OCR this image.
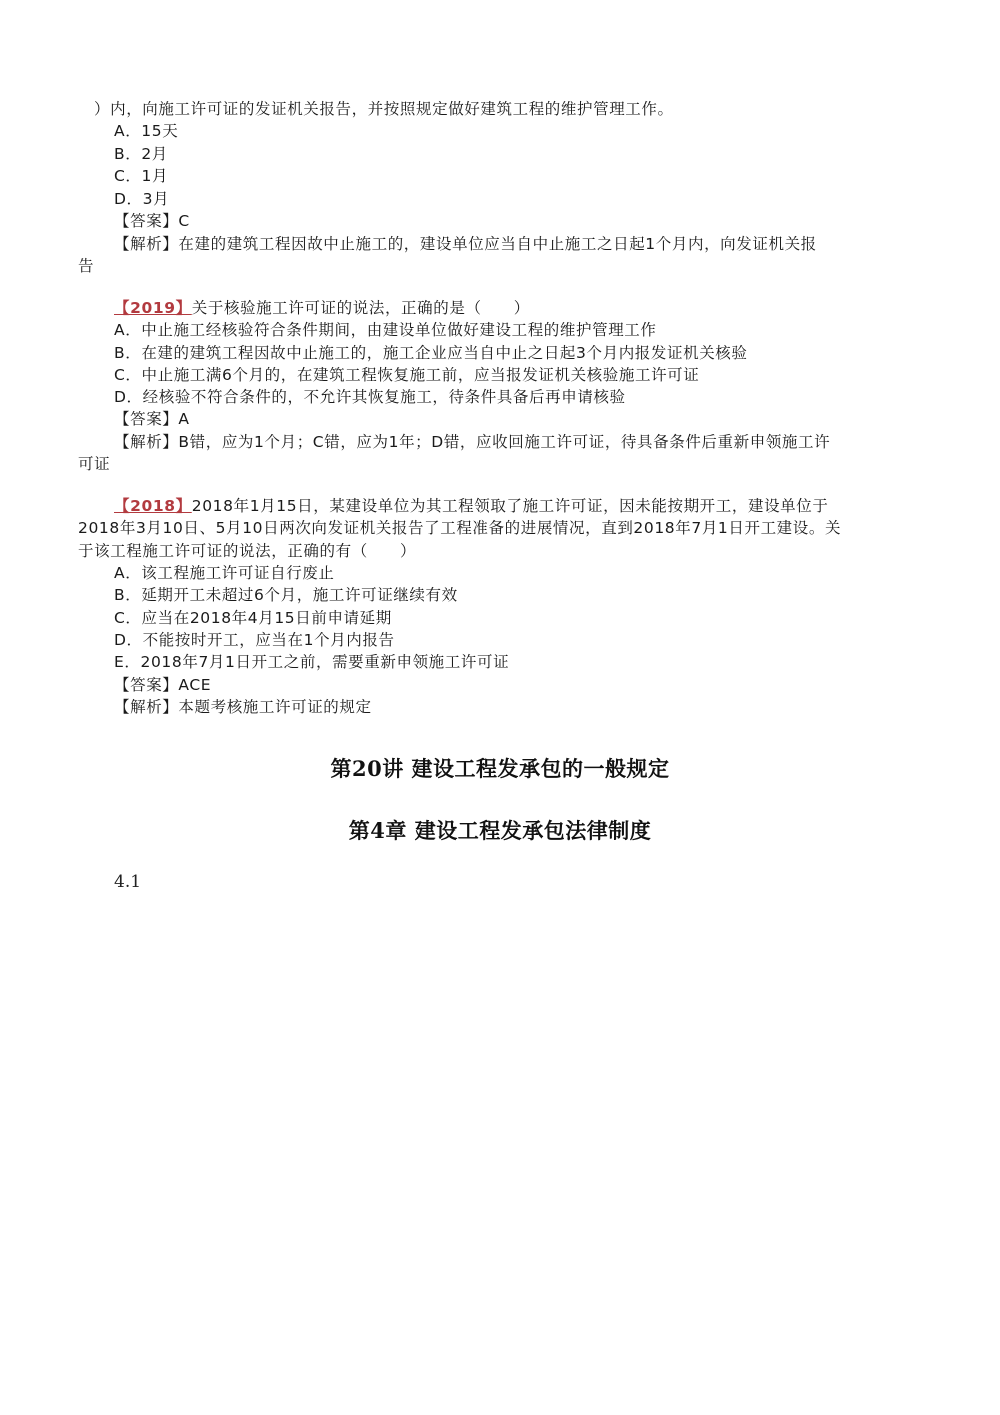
）内，向施工许可证的发证机关报告，并按照规定做好建筑工程的维护管理工作。
A．15天
B．2月
C．1月
D．3月
【答案】C
【解析】在建的建筑工程因故中止施工的，建设单位应当自中止施工之日起1个月内，向发证机关报
告
【2019】关于核验施工许可证的说法，正确的是（　　）
A．中止施工经核验符合条件期间，由建设单位做好建设工程的维护管理工作
B．在建的建筑工程因故中止施工的，施工企业应当自中止之日起3个月内报发证机关核验
C．中止施工满6个月的，在建筑工程恢复施工前，应当报发证机关核验施工许可证
D．经核验不符合条件的，不允许其恢复施工，待条件具备后再申请核验
【答案】A
【解析】B错，应为1个月；C错，应为1年；D错，应收回施工许可证，待具备条件后重新申领施工许
可证
【2018】2018年1月15日，某建设单位为其工程领取了施工许可证，因未能按期开工，建设单位于
2018年3月10日、5月10日两次向发证机关报告了工程准备的进展情况，直到2018年7月1日开工建设。关
于该工程施工许可证的说法，正确的有（　　）
A．该工程施工许可证自行废止
B．延期开工未超过6个月，施工许可证继续有效
C．应当在2018年4月15日前申请延期
D．不能按时开工，应当在1个月内报告
E．2018年7月1日开工之前，需要重新申领施工许可证
【答案】ACE
【解析】本题考核施工许可证的规定
第20讲 建设工程发承包的一般规定
第4章 建设工程发承包法律制度
4.1
